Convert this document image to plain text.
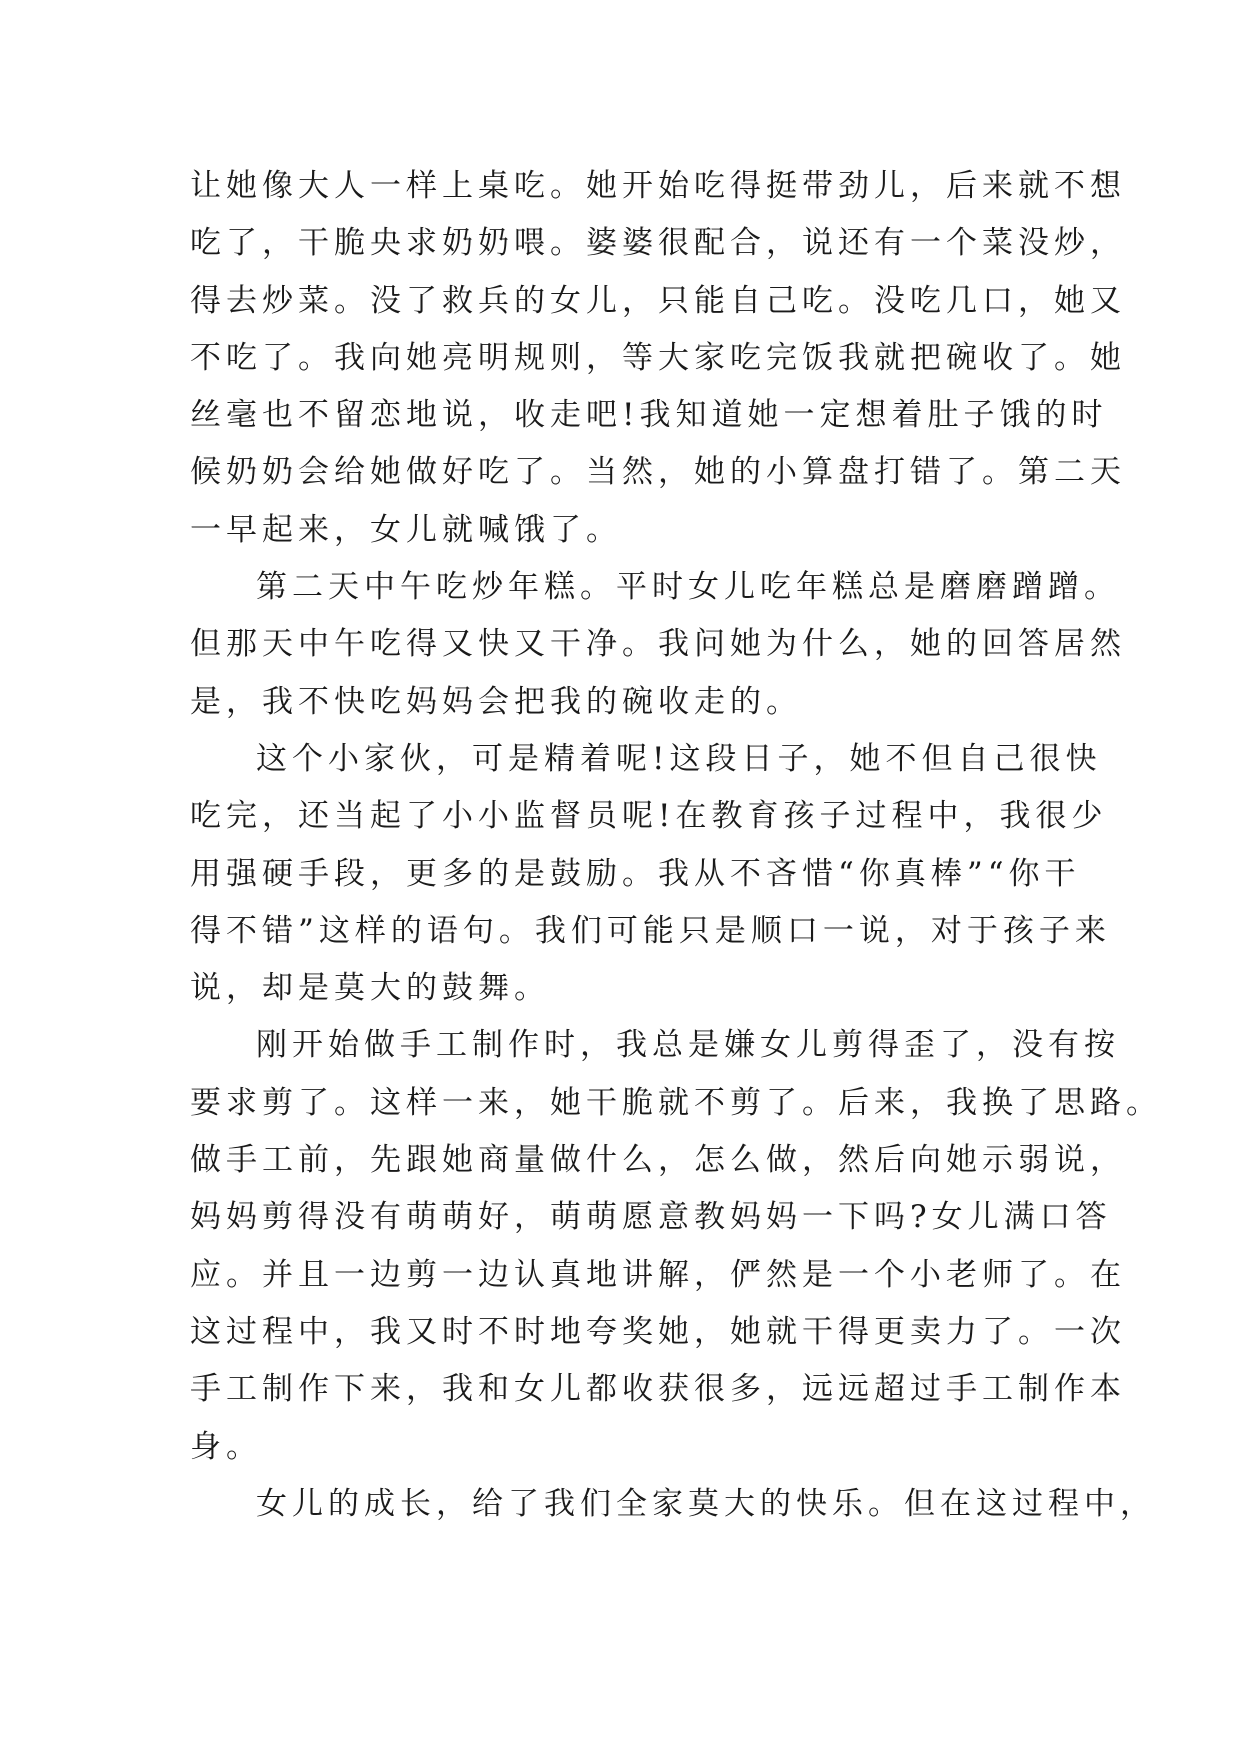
让她像大人一样上桌吃。她开始吃得挺带劲儿，后来就不想
吃了，干脆央求奶奶喂。婆婆很配合，说还有一个菜没炒，
得去炒菜。没了救兵的女儿，只能自己吃。没吃几口，她又
不吃了。我向她亮明规则，等大家吃完饭我就把碗收了。她
丝毫也不留恋地说，收走吧!我知道她一定想着肚子饿的时
候奶奶会给她做好吃了。当然，她的小算盘打错了。第二天
一早起来，女儿就喊饿了。
第二天中午吃炒年糕。平时女儿吃年糕总是磨磨蹭蹭。
但那天中午吃得又快又干净。我问她为什么，她的回答居然
是，我不快吃妈妈会把我的碗收走的。
这个小家伙，可是精着呢!这段日子，她不但自己很快
吃完，还当起了小小监督员呢!在教育孩子过程中，我很少
用强硬手段，更多的是鼓励。我从不吝惜“你真棒”“你干
得不错”这样的语句。我们可能只是顺口一说，对于孩子来
说，却是莫大的鼓舞。
刚开始做手工制作时，我总是嫌女儿剪得歪了，没有按
要求剪了。这样一来，她干脆就不剪了。后来，我换了思路。
做手工前，先跟她商量做什么，怎么做，然后向她示弱说，
妈妈剪得没有萌萌好，萌萌愿意教妈妈一下吗?女儿满口答
应。并且一边剪一边认真地讲解，俨然是一个小老师了。在
这过程中，我又时不时地夸奖她，她就干得更卖力了。一次
手工制作下来，我和女儿都收获很多，远远超过手工制作本
身。
女儿的成长，给了我们全家莫大的快乐。但在这过程中，
